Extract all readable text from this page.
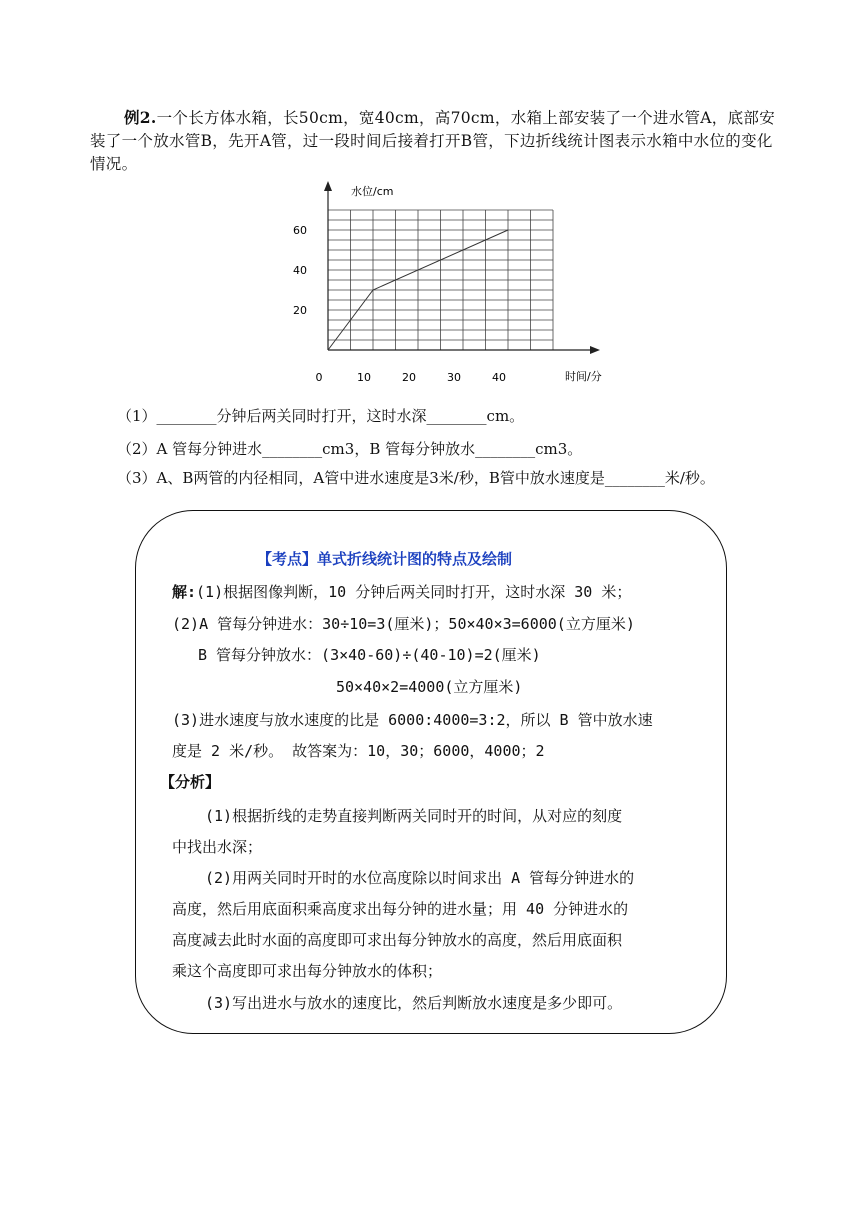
例2.一个长方体水箱，长50cm，宽40cm，高70cm，水箱上部安装了一个进水管A，底部安装了一个放水管B，先开A管，过一段时间后接着打开B管，下边折线统计图表示水箱中水位的变化情况。
0	10	20	30	40
20
40
60
水位/cm
时间/分
（1）________分钟后两关同时打开，这时水深________cm。
（2）A 管每分钟进水________cm3，B 管每分钟放水________cm3。
（3）A、B两管的内径相同，A管中进水速度是3米/秒，B管中放水速度是________米/秒。
【考点】单式折线统计图的特点及绘制
解:(1)根据图像判断，10 分钟后两关同时打开，这时水深 30 米；
(2)A 管每分钟进水：30÷10=3(厘米)；50×40×3=6000(立方厘米)
B 管每分钟放水：(3×40-60)÷(40-10)=2(厘米)
50×40×2=4000(立方厘米)
(3)进水速度与放水速度的比是 6000:4000=3:2，所以 B 管中放水速
度是 2 米/秒。 故答案为：10，30；6000，4000；2
【分析】
(1)根据折线的走势直接判断两关同时开的时间，从对应的刻度
中找出水深；
(2)用两关同时开时的水位高度除以时间求出 A 管每分钟进水的
高度，然后用底面积乘高度求出每分钟的进水量；用 40 分钟进水的
高度减去此时水面的高度即可求出每分钟放水的高度，然后用底面积
乘这个高度即可求出每分钟放水的体积；
(3)写出进水与放水的速度比，然后判断放水速度是多少即可。
